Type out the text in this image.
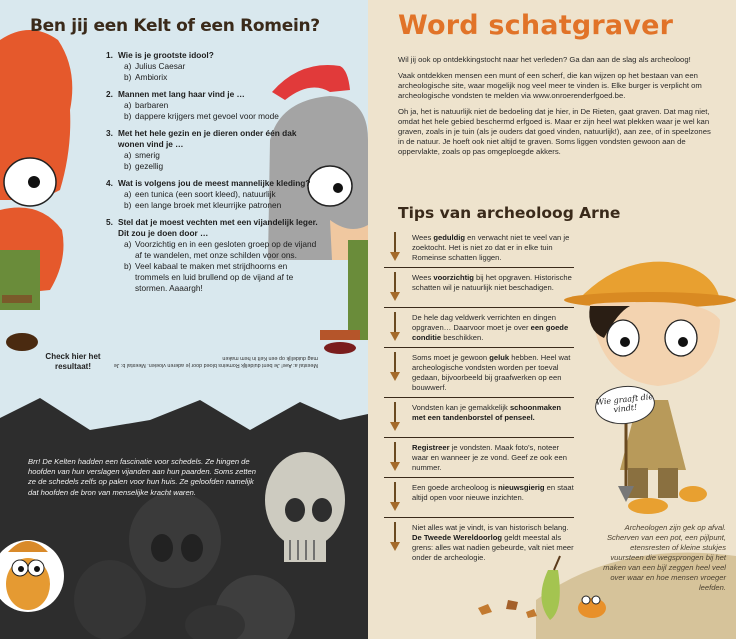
Ben jij een Kelt of een Romein?
1. Wie is je grootste idool?
a) Julius Caesar
b) Ambiorix
2. Mannen met lang haar vind je …
a) barbaren
b) dappere krijgers met gevoel voor mode
3. Met het hele gezin en je dieren onder één dak wonen vind je …
a) smerig
b) gezellig
4. Wat is volgens jou de meest mannelijke kleding?
a) een tunica (een soort kleed), natuurlijk
b) een lange broek met kleurrijke patronen
5. Stel dat je moest vechten met een vijandelijk leger. Dit zou je doen door …
a) Voorzichtig en in een gesloten groep op de vijand af te wandelen, met onze schilden voor ons.
b) Veel kabaal te maken met strijdhoorns en trommels en luid brullend op de vijand af te stormen. Aaaargh!
Check hier het resultaat!	Meestal a: Ave! Je bent duidelijk Romeins bloed door je aderen vloeien. Meestal b: Je mag duidelijk op een Kelt in hem maken
Brr! De Kelten hadden een fascinatie voor schedels. Ze hingen de hoofden van hun verslagen vijanden aan hun paarden. Soms zetten ze de schedels zelfs op palen voor hun huis. Ze geloofden namelijk dat hoofden de bron van menselijke kracht waren.
Word schatgraver

Wil jij ook op ontdekkingstocht naar het verleden? Ga dan aan de slag als archeoloog!

Vaak ontdekken mensen een munt of een scherf, die kan wijzen op het bestaan van een archeologische site, waar mogelijk nog veel meer te vinden is. Elke burger is verplicht om archeologische vondsten te melden via www.onroerenderfgoed.be.

Oh ja, het is natuurlijk niet de bedoeling dat je hier, in De Rieten, gaat graven. Dat mag niet, omdat het hele gebied beschermd erfgoed is. Maar er zijn heel wat plekken waar je wel kan graven, zoals in je tuin (als je ouders dat goed vinden, natuurlijk!), aan zee, of in speelzones in de natuur. Je hoeft ook niet altijd te graven. Soms liggen vondsten gewoon aan de oppervlakte, zoals op pas omgeploegde akkers.

Tips van archeoloog Arne
Wees geduldig en verwacht niet te veel van je zoektocht. Het is niet zo dat er in elke tuin Romeinse schatten liggen.
Wees voorzichtig bij het opgraven. Historische schatten wil je natuurlijk niet beschadigen.
De hele dag veldwerk verrichten en dingen opgraven… Daarvoor moet je over een goede conditie beschikken.
Soms moet je gewoon geluk hebben. Heel wat archeologische vondsten worden per toeval gedaan, bijvoorbeeld bij graafwerken op een bouwwerf.
Vondsten kan je gemakkelijk schoonmaken met een tandenborstel of penseel.
Registreer je vondsten. Maak foto's, noteer waar en wanneer je ze vond. Geef ze ook een nummer.
Een goede archeoloog is nieuwsgierig en staat altijd open voor nieuwe inzichten.
Niet alles wat je vindt, is van historisch belang. De Tweede Wereldoorlog geldt meestal als grens: alles wat nadien gebeurde, valt niet meer onder de archeologie.
Archeologen zijn gek op afval. Scherven van een pot, een pijlpunt, etensresten of kleine stukjes vuursteen die wegsprongen bij het maken van een bijl zeggen heel veel over waar en hoe mensen vroeger leefden.
Wie graaft die vindt!
